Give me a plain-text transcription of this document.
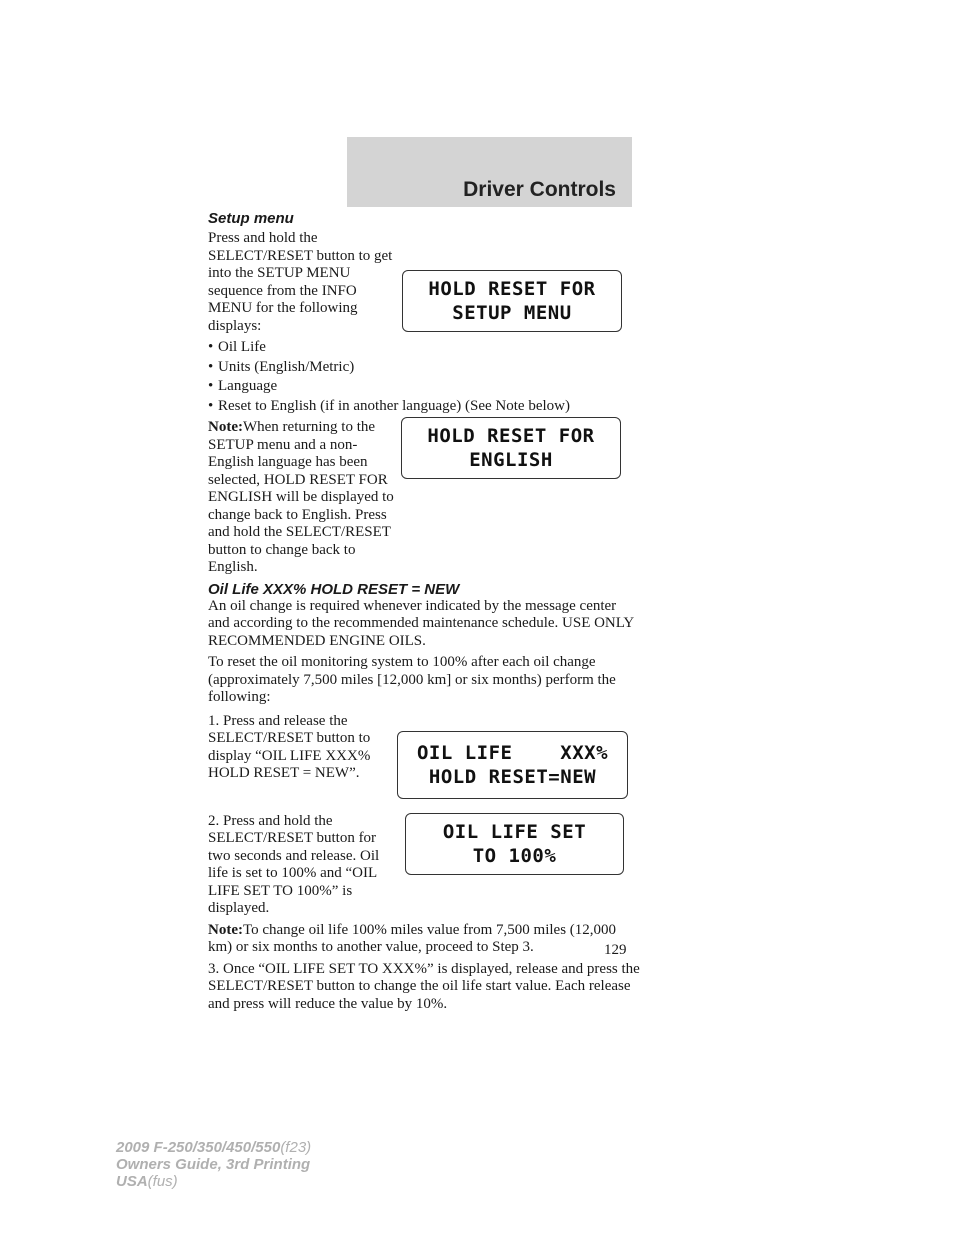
Driver Controls
Setup menu

Press and hold the SELECT/RESET button to get into the SETUP MENU sequence from the INFO MENU for the following displays:

HOLD RESET FOR
SETUP MENU
• Oil Life
• Units (English/Metric)
• Language
• Reset to English (if in another language) (See Note below)

Note:When returning to the SETUP menu and a non-English language has been selected, HOLD RESET FOR ENGLISH will be displayed to change back to English. Press and hold the SELECT/RESET button to change back to English.

HOLD RESET FOR
ENGLISH
Oil Life XXX% HOLD RESET = NEW

An oil change is required whenever indicated by the message center and according to the recommended maintenance schedule. USE ONLY RECOMMENDED ENGINE OILS.

To reset the oil monitoring system to 100% after each oil change (approximately 7,500 miles [12,000 km] or six months) perform the following:

1. Press and release the SELECT/RESET button to display “OIL LIFE XXX% HOLD RESET = NEW”.

OIL LIFE    XXX%
HOLD RESET=NEW

2. Press and hold the SELECT/RESET button for two seconds and release. Oil life is set to 100% and “OIL LIFE SET TO 100%” is displayed.

OIL LIFE SET
TO 100%

Note:To change oil life 100% miles value from 7,500 miles (12,000 km) or six months to another value, proceed to Step 3.

3. Once “OIL LIFE SET TO XXX%” is displayed, release and press the SELECT/RESET button to change the oil life start value. Each release and press will reduce the value by 10%.

129
2009 F-250/350/450/550(f23)
Owners Guide, 3rd Printing
USA(fus)
